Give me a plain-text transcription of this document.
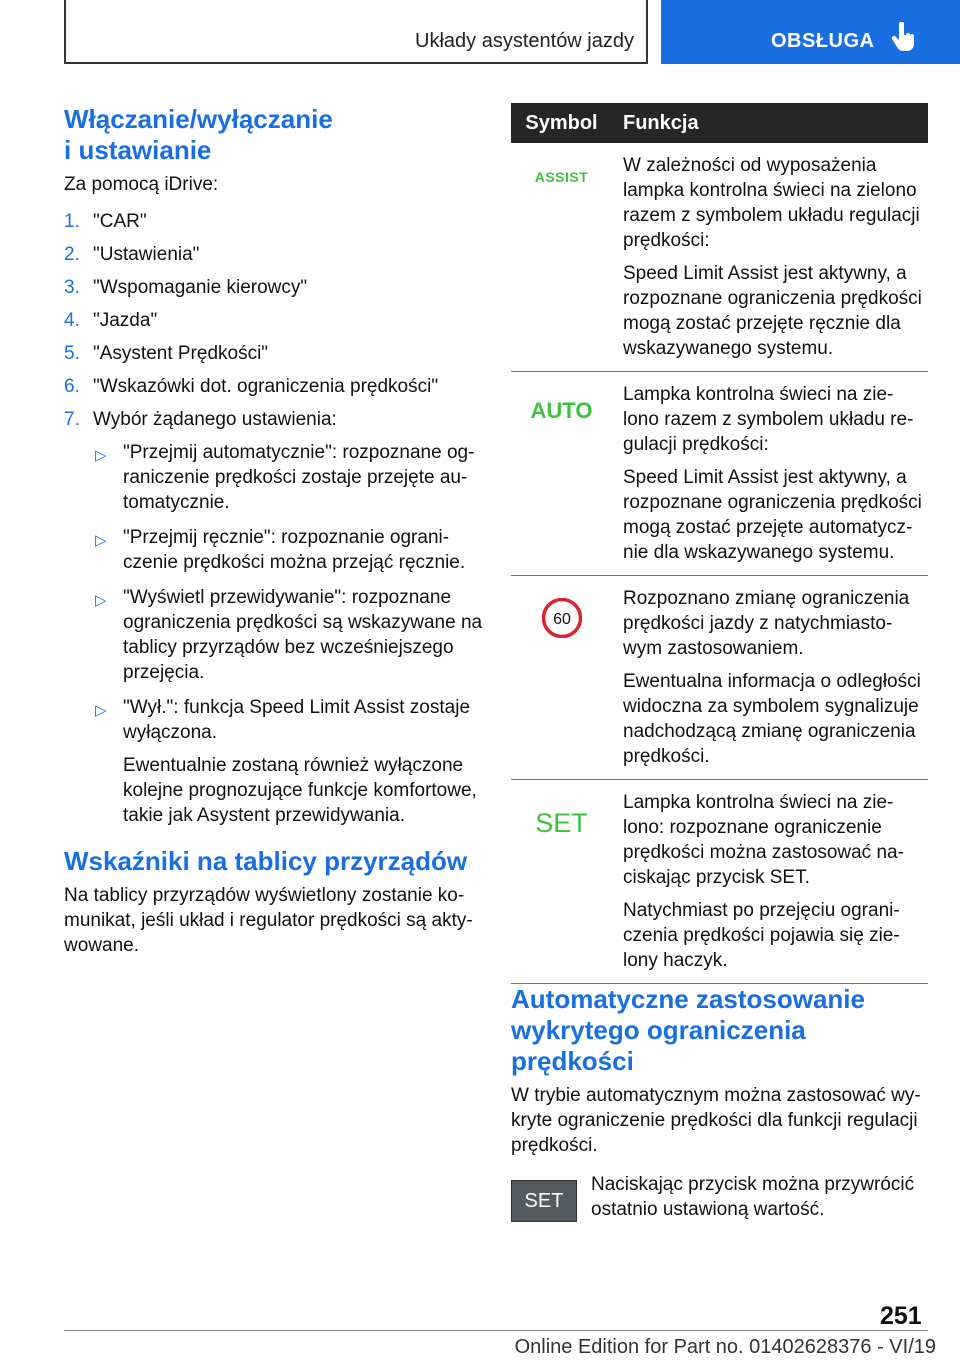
Układy asystentów jazdy	OBSŁUGA
Włączanie/wyłączanie
i ustawianie

Za pomocą iDrive:

1. "CAR"
2. "Ustawienia"
3. "Wspomaganie kierowcy"
4. "Jazda"
5. "Asystent Prędkości"
6. "Wskazówki dot. ograniczenia prędkości"
7. Wybór żądanego ustawienia:
▷ "Przejmij automatycznie": rozpoznane og-raniczenie prędkości zostaje przejęte au-tomatycznie.
▷ "Przejmij ręcznie": rozpoznanie ograni-czenie prędkości można przejąć ręcznie.
▷ "Wyświetl przewidywanie": rozpoznane ograniczenia prędkości są wskazywane na tablicy przyrządów bez wcześniejszego przejęcia.
▷ "Wył.": funkcja Speed Limit Assist zostaje wyłączona.

Ewentualnie zostaną również wyłączone kolejne prognozujące funkcje komfortowe, takie jak Asystent przewidywania.

Wskaźniki na tablicy przyrządów

Na tablicy przyrządów wyświetlony zostanie ko-munikat, jeśli układ i regulator prędkości są akty-wowane.

Symbol	Funkcja
ASSIST

W zależności od wyposażenia lampka kontrolna świeci na zielono razem z symbolem układu regulacji prędkości:

Speed Limit Assist jest aktywny, a rozpoznane ograniczenia prędkości mogą zostać przejęte ręcznie dla wskazywanego systemu.

AUTO

Lampka kontrolna świeci na zie-lono razem z symbolem układu re-gulacji prędkości:

Speed Limit Assist jest aktywny, a rozpoznane ograniczenia prędkości mogą zostać przejęte automatycz-nie dla wskazywanego systemu.

60

Rozpoznano zmianę ograniczenia prędkości jazdy z natychmiasto-wym zastosowaniem.

Ewentualna informacja o odległości widoczna za symbolem sygnalizuje nadchodzącą zmianę ograniczenia prędkości.

SET

Lampka kontrolna świeci na zie-lono: rozpoznane ograniczenie prędkości można zastosować na-ciskając przycisk SET.

Natychmiast po przejęciu ograni-czenia prędkości pojawia się zie-lony haczyk.

Automatyczne zastosowanie wykrytego ograniczenia prędkości

W trybie automatycznym można zastosować wy-kryte ograniczenie prędkości dla funkcji regulacji prędkości.

SET
Naciskając przycisk można przywrócić ostatnio ustawioną wartość.
251
Online Edition for Part no. 01402628376 - VI/19
